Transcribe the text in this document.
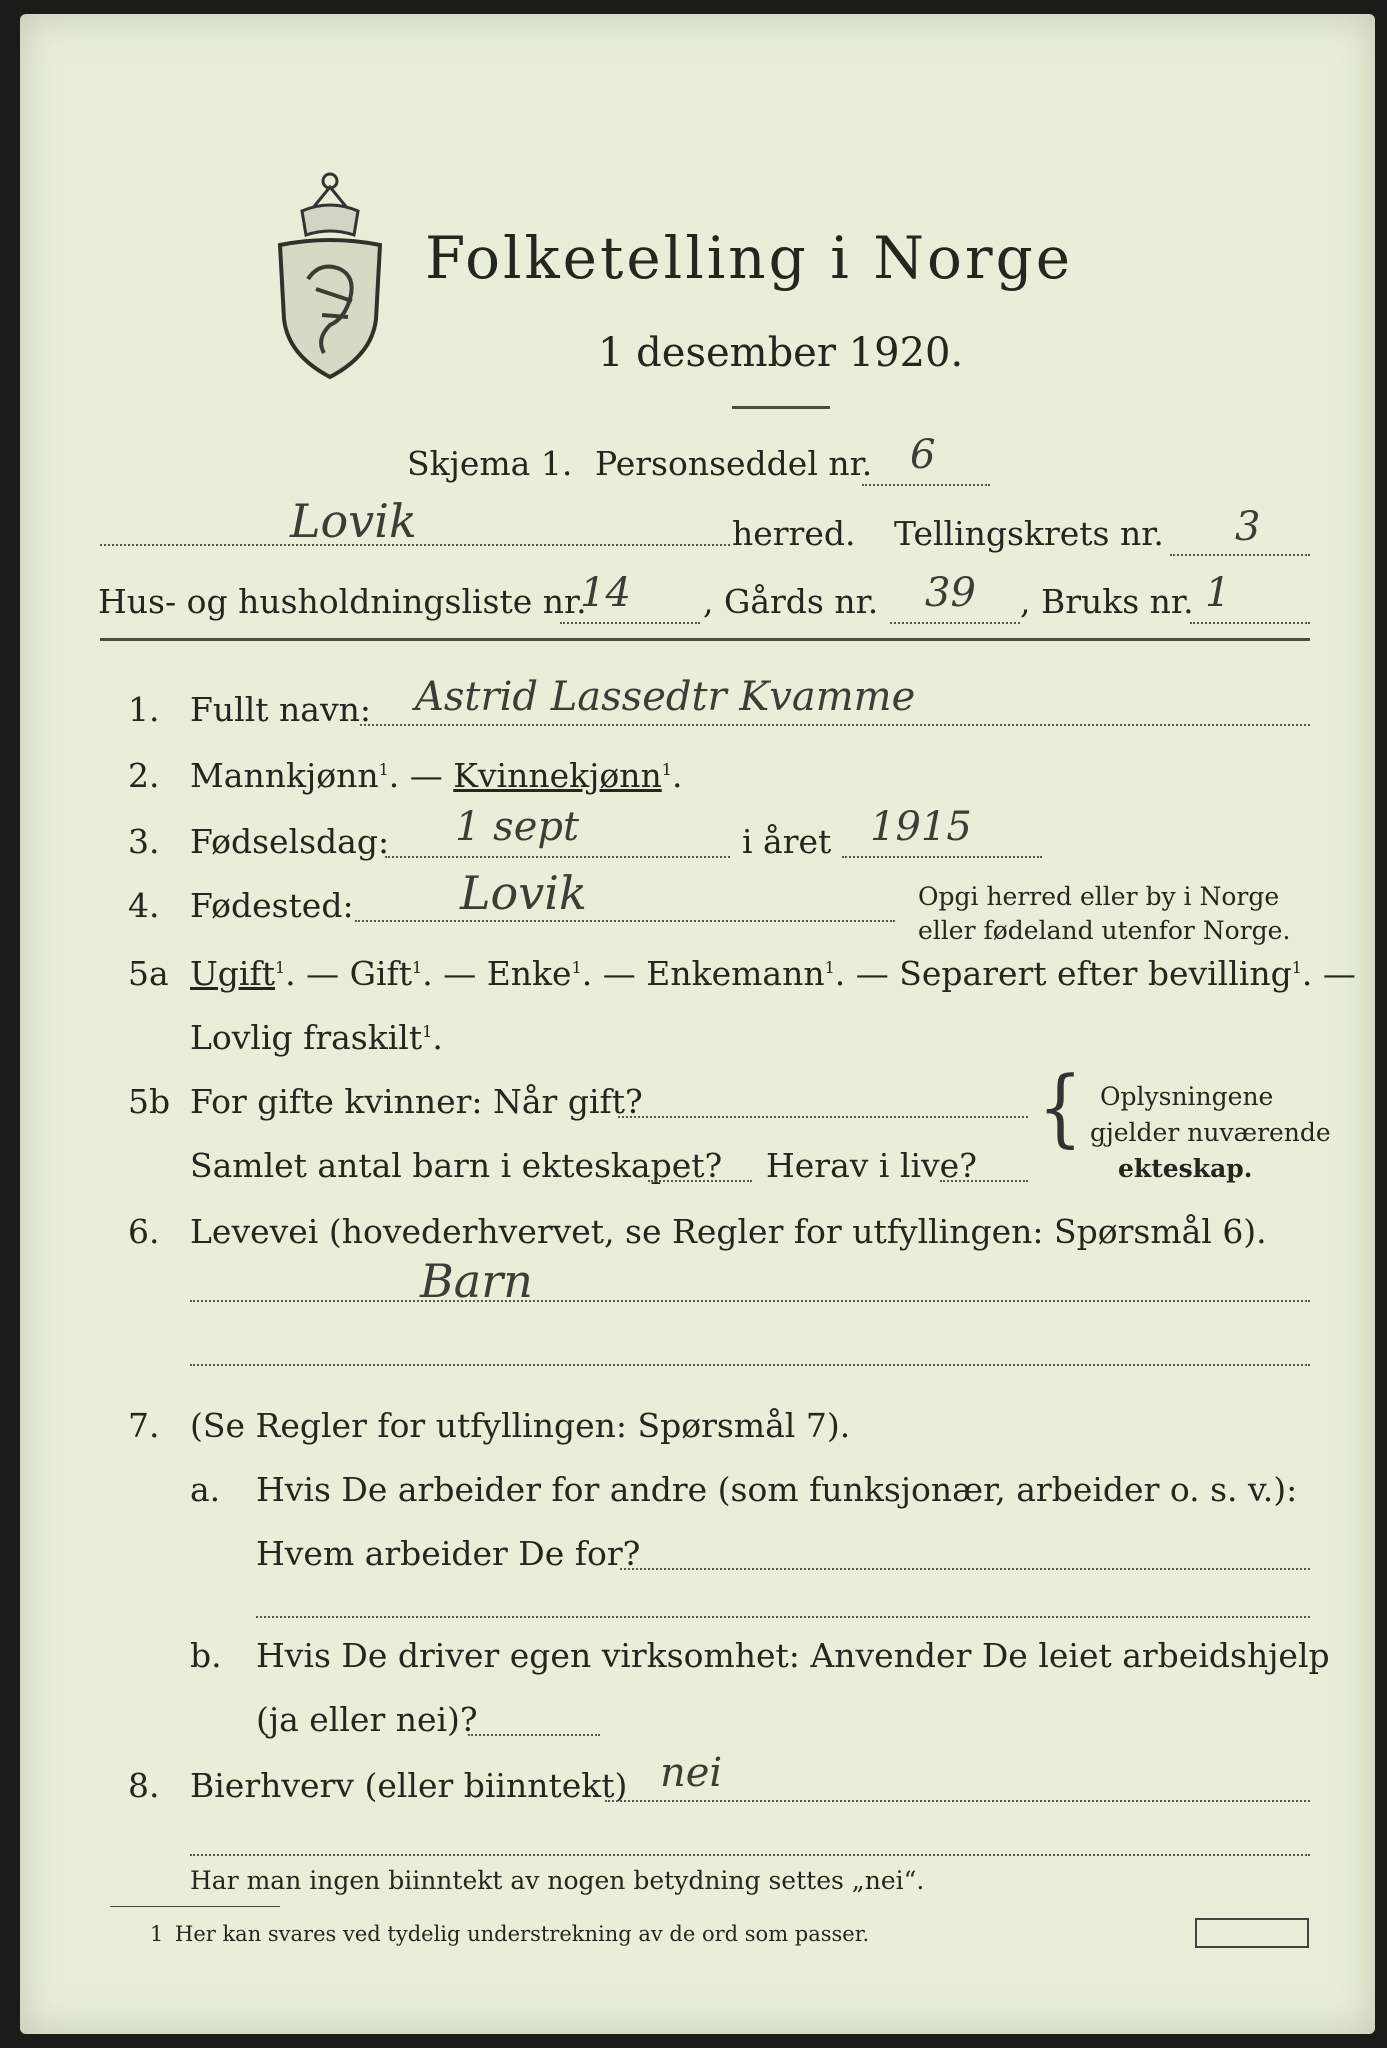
Folketelling i Norge
1 desember 1920.
Skjema 1. Personseddel nr. 6
Lovik	herred. Tellingskrets nr. 3
Hus- og husholdningsliste nr.
14 , Gårds nr. 39 , Bruks nr. 1
1. Fullt navn: Astrid Lassedtr Kvamme
2. Mannkjønn$^1$. — Kvinnekjønn$^1$.
3. Fødselsdag: 1 sept	i året 1915
4. Fødested: Lovik	Opgi herred eller by i Norge
eller fødeland utenfor Norge.
5a Ugift$^1$. — Gift$^1$. — Enke$^1$. — Enkemann$^1$. — Separert efter bevilling$^1$. —
Lovlig fraskilt$^1$.
5b For gifte kvinner: Når gift?
Samlet antal barn i ekteskapet? Herav i live?
{ Oplysningene
gjelder nuværende
ekteskap.
6. Levevei (hovederhvervet, se Regler for utfyllingen: Spørsmål 6).
Barn
7. (Se Regler for utfyllingen: Spørsmål 7).
a. Hvis De arbeider for andre (som funksjonær, arbeider o. s. v.):
Hvem arbeider De for?
b. Hvis De driver egen virksomhet: Anvender De leiet arbeidshjelp
(ja eller nei)?
8. Bierhverv (eller biinntekt) nei
Har man ingen biinntekt av nogen betydning settes „nei“.
1 Her kan svares ved tydelig understrekning av de ord som passer.
